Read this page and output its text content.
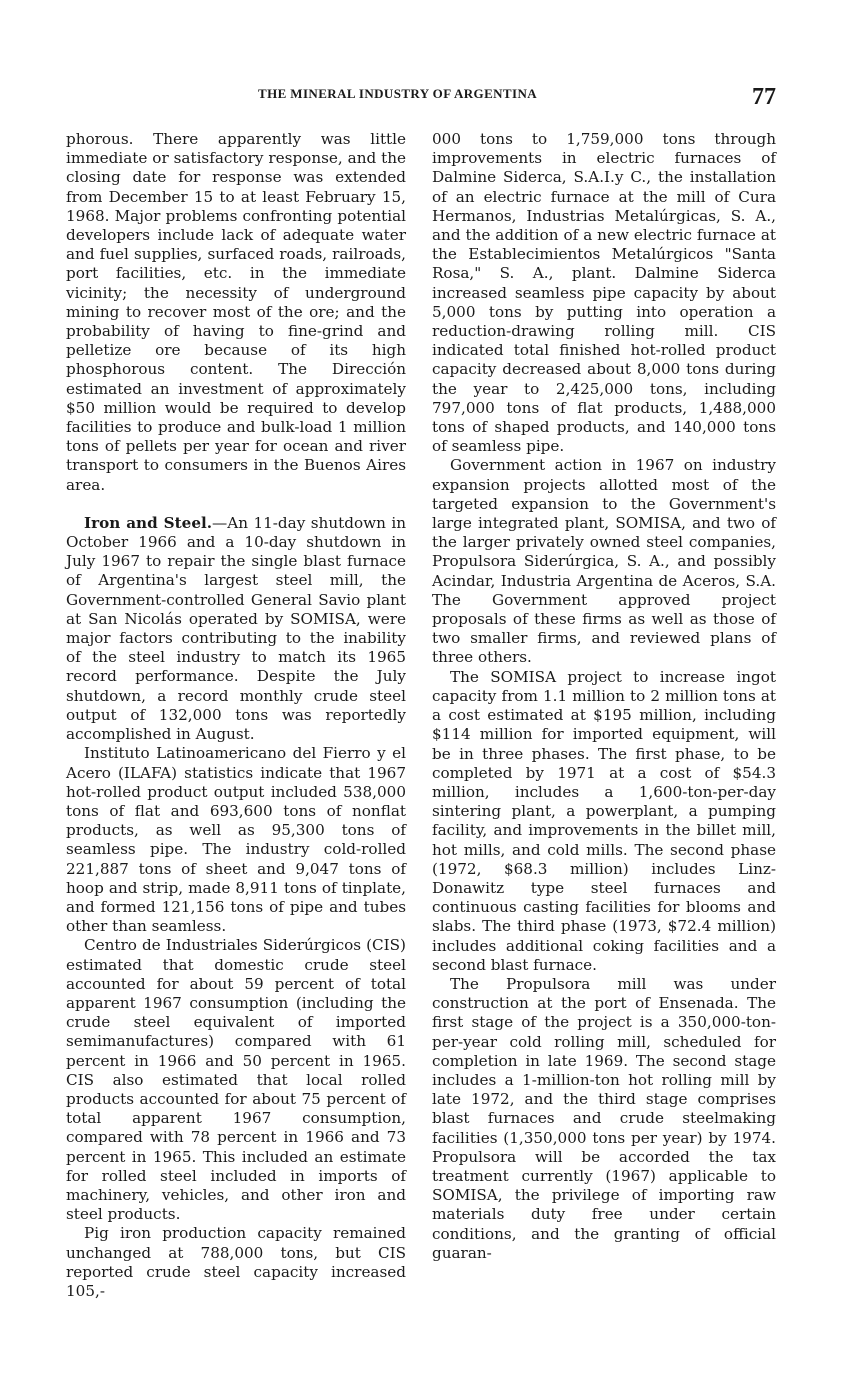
THE MINERAL INDUSTRY OF ARGENTINA	77

phorous. There apparently was little immediate or satisfactory response, and the closing date for response was extended from December 15 to at least February 15, 1968. Major problems confronting potential developers include lack of adequate water and fuel supplies, surfaced roads, railroads, port facilities, etc. in the immediate vicinity; the necessity of underground mining to recover most of the ore; and the probability of having to fine-grind and pelletize ore because of its high phosphorous content. The Dirección estimated an investment of approximately $50 million would be required to develop facilities to produce and bulk-load 1 million tons of pellets per year for ocean and river transport to consumers in the Buenos Aires area.

Iron and Steel.—An 11-day shutdown in October 1966 and a 10-day shutdown in July 1967 to repair the single blast furnace of Argentina's largest steel mill, the Government-controlled General Savio plant at San Nicolás operated by SOMISA, were major factors contributing to the inability of the steel industry to match its 1965 record performance. Despite the July shutdown, a record monthly crude steel output of 132,000 tons was reportedly accomplished in August.

Instituto Latinoamericano del Fierro y el Acero (ILAFA) statistics indicate that 1967 hot-rolled product output included 538,000 tons of flat and 693,600 tons of nonflat products, as well as 95,300 tons of seamless pipe. The industry cold-rolled 221,887 tons of sheet and 9,047 tons of hoop and strip, made 8,911 tons of tinplate, and formed 121,156 tons of pipe and tubes other than seamless.

Centro de Industriales Siderúrgicos (CIS) estimated that domestic crude steel accounted for about 59 percent of total apparent 1967 consumption (including the crude steel equivalent of imported semimanufactures) compared with 61 percent in 1966 and 50 percent in 1965. CIS also estimated that local rolled products accounted for about 75 percent of total apparent 1967 consumption, compared with 78 percent in 1966 and 73 percent in 1965. This included an estimate for rolled steel included in imports of machinery, vehicles, and other iron and steel products.

Pig iron production capacity remained unchanged at 788,000 tons, but CIS reported crude steel capacity increased 105,-

000 tons to 1,759,000 tons through improvements in electric furnaces of Dalmine Siderca, S.A.I.y C., the installation of an electric furnace at the mill of Cura Hermanos, Industrias Metalúrgicas, S. A., and the addition of a new electric furnace at the Establecimientos Metalúrgicos "Santa Rosa," S. A., plant. Dalmine Siderca increased seamless pipe capacity by about 5,000 tons by putting into operation a reduction-drawing rolling mill. CIS indicated total finished hot-rolled product capacity decreased about 8,000 tons during the year to 2,425,000 tons, including 797,000 tons of flat products, 1,488,000 tons of shaped products, and 140,000 tons of seamless pipe.

Government action in 1967 on industry expansion projects allotted most of the targeted expansion to the Government's large integrated plant, SOMISA, and two of the larger privately owned steel companies, Propulsora Siderúrgica, S. A., and possibly Acindar, Industria Argentina de Aceros, S.A. The Government approved project proposals of these firms as well as those of two smaller firms, and reviewed plans of three others.

The SOMISA project to increase ingot capacity from 1.1 million to 2 million tons at a cost estimated at $195 million, including $114 million for imported equipment, will be in three phases. The first phase, to be completed by 1971 at a cost of $54.3 million, includes a 1,600-ton-per-day sintering plant, a powerplant, a pumping facility, and improvements in the billet mill, hot mills, and cold mills. The second phase (1972, $68.3 million) includes Linz-Donawitz type steel furnaces and continuous casting facilities for blooms and slabs. The third phase (1973, $72.4 million) includes additional coking facilities and a second blast furnace.

The Propulsora mill was under construction at the port of Ensenada. The first stage of the project is a 350,000-ton-per-year cold rolling mill, scheduled for completion in late 1969. The second stage includes a 1-million-ton hot rolling mill by late 1972, and the third stage comprises blast furnaces and crude steelmaking facilities (1,350,000 tons per year) by 1974. Propulsora will be accorded the tax treatment currently (1967) applicable to SOMISA, the privilege of importing raw materials duty free under certain conditions, and the granting of official guaran-
